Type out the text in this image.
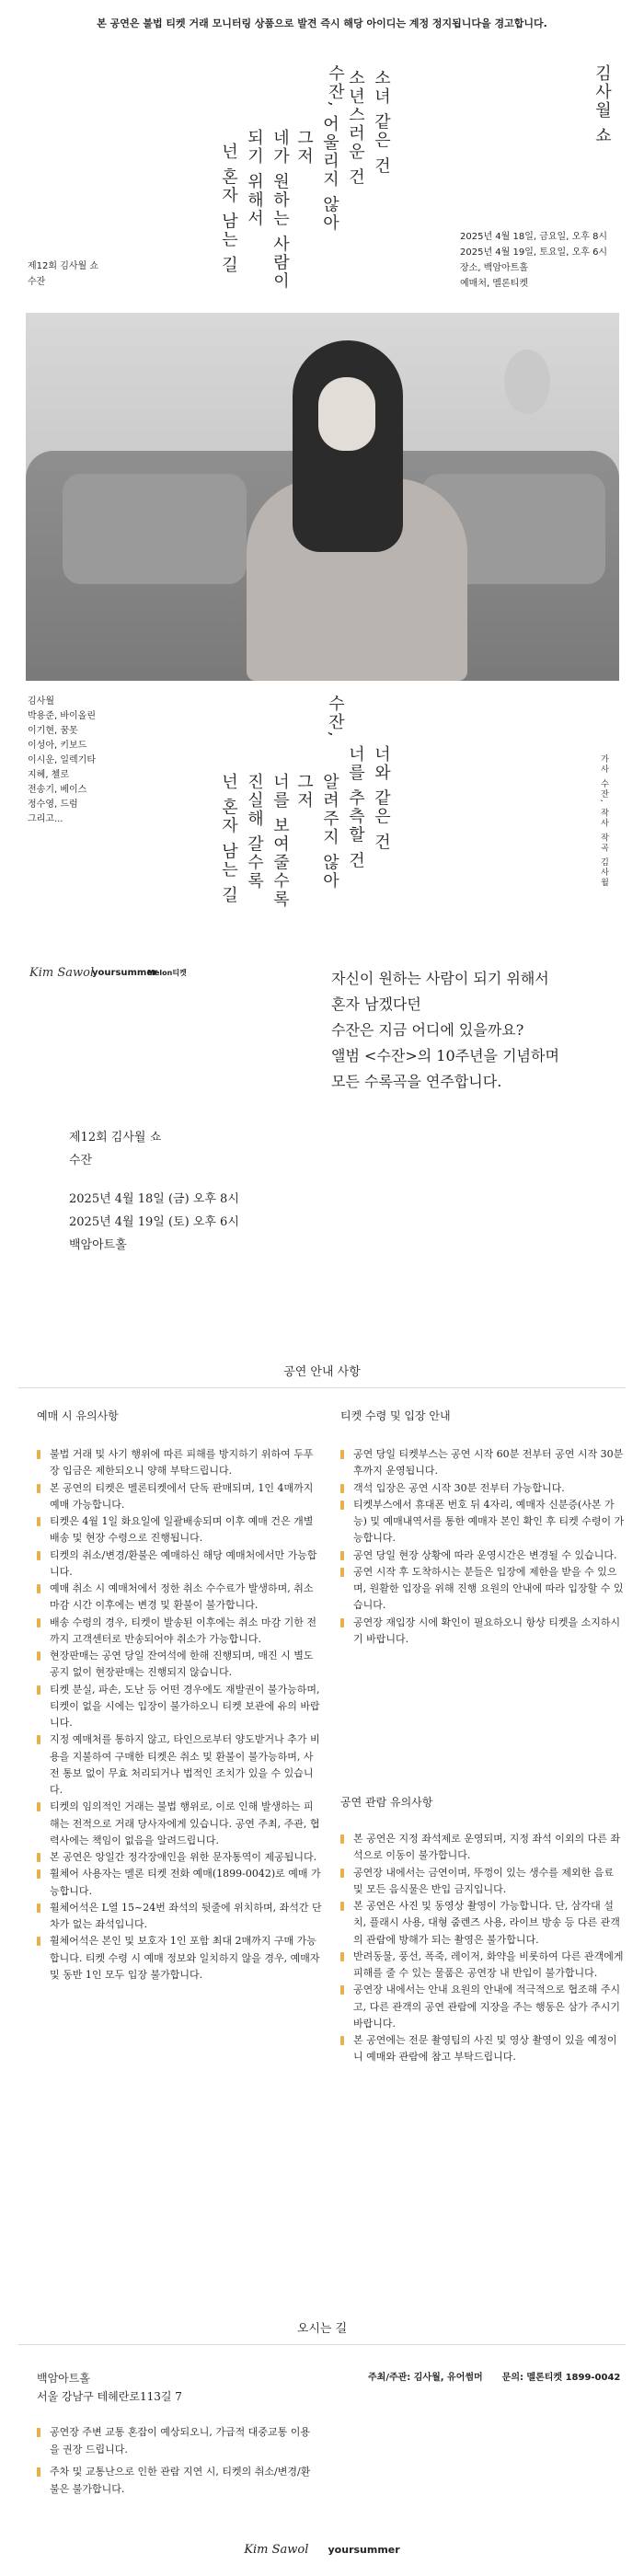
본 공연은 불법 티켓 거래 모니터링 상품으로 발견 즉시 해당 아이디는 계정 정지됩니다을 경고합니다.
김사월 쇼
수잔, 소녀 같은 건
소년스러운 건
어울리지 않아
그저
네가 원하는 사람이
되기 위해서
넌 혼자 남는 길	2025년 4월 18일, 금요일, 오후 8시
2025년 4월 19일, 토요일, 오후 6시
장소, 백암아트홀
예매처, 멜론티켓
제12회 김사월 쇼
수잔
김사월
박용준, 바이올린
이기현, 꿈못
이성아, 키보드
이시운, 일렉기타
지혜, 첼로
전송기, 베이스
정수영, 드럼
그리고...
수잔,
너와 같은 건
너를 추측할 건
알려주지 않아
그저
너를 보여줄수록
진실해 갈수록
넌 혼자 남는 길	가사 수잔, 작사 작곡 김사월
Kim Sawol
yoursummer
Melon티켓	자신이 원하는 사람이 되기 위해서
혼자 남겠다던
수잔은 지금 어디에 있을까요?
앨범 <수잔>의 10주년을 기념하며
모든 수록곡을 연주합니다.
제12회 김사월 쇼
수잔
2025년 4월 18일 (금) 오후 8시
2025년 4월 19일 (토) 오후 6시
백암아트홀
공연 안내 사항
예매 시 유의사항	티켓 수령 및 입장 안내
불법 거래 및 사기 행위에 따른 피해를 방지하기 위하여 두푸장 입금은 제한되오니 양해 부탁드립니다.
본 공연의 티켓은 멜론티켓에서 단독 판매되며, 1인 4매까지 예매 가능합니다.
티켓은 4월 1일 화요일에 일괄배송되며 이후 예매 건은 개별 배송 및 현장 수령으로 진행됩니다.
티켓의 취소/변경/환불은 예매하신 해당 예매처에서만 가능합니다.
예매 취소 시 예매처에서 정한 취소 수수료가 발생하며, 취소 마감 시간 이후에는 변경 및 환불이 불가합니다.
배송 수령의 경우, 티켓이 발송된 이후에는 취소 마감 기한 전까지 고객센터로 반송되어야 취소가 가능합니다.
현장판매는 공연 당일 잔여석에 한해 진행되며, 매진 시 별도 공지 없이 현장판매는 진행되지 않습니다.
티켓 분실, 파손, 도난 등 어떤 경우에도 재발권이 불가능하며, 티켓이 없을 시에는 입장이 불가하오니 티켓 보관에 유의 바랍니다.
지정 예매처를 통하지 않고, 타인으로부터 양도받거나 추가 비용을 지불하여 구매한 티켓은 취소 및 환불이 불가능하며, 사전 통보 없이 무효 처리되거나 법적인 조치가 있을 수 있습니다.
티켓의 임의적인 거래는 불법 행위로, 이로 인해 발생하는 피해는 전적으로 거래 당사자에게 있습니다. 공연 주최, 주관, 협력사에는 책임이 없음을 알려드립니다.
본 공연은 앙일간 정각장애인을 위한 문자통역이 제공됩니다.
휠체어 사용자는 멜론 티켓 전화 예매(1899-0042)로 예매 가능합니다.
휠체어석은 L열 15~24번 좌석의 뒷줄에 위치하며, 좌석간 단차가 없는 좌석입니다.
휠체어석은 본인 및 보호자 1인 포함 최대 2매까지 구매 가능합니다. 티켓 수령 시 예매 정보와 일치하지 않을 경우, 예매자 및 동반 1인 모두 입장 불가합니다.
공연 당일 티켓부스는 공연 시작 60분 전부터 공연 시작 30분 후까지 운영됩니다.
객석 입장은 공연 시작 30분 전부터 가능합니다.
티켓부스에서 휴대폰 번호 뒤 4자리, 예매자 신분증(사본 가능) 및 예매내역서를 통한 예매자 본인 확인 후 티켓 수령이 가능합니다.
공연 당일 현장 상황에 따라 운영시간은 변경될 수 있습니다.
공연 시작 후 도착하시는 분들은 입장에 제한을 받을 수 있으며, 원활한 입장을 위해 진행 요원의 안내에 따라 입장할 수 있습니다.
공연장 재입장 시에 확인이 필요하오니 항상 티켓을 소지하시기 바랍니다.
공연 관람 유의사항
본 공연은 지정 좌석제로 운영되며, 지정 좌석 이외의 다른 좌석으로 이동이 불가합니다.
공연장 내에서는 금연이며, 뚜껑이 있는 생수를 제외한 음료 및 모든 음식물은 반입 금지입니다.
본 공연은 사진 및 동영상 촬영이 가능합니다. 단, 삼각대 설치, 플래시 사용, 대형 줌렌즈 사용, 라이브 방송 등 다른 관객의 관람에 방해가 되는 촬영은 불가합니다.
반려동물, 풍선, 폭죽, 레이저, 화약을 비롯하여 다른 관객에게 피해를 줄 수 있는 물품은 공연장 내 반입이 불가합니다.
공연장 내에서는 안내 요원의 안내에 적극적으로 협조해 주시고, 다른 관객의 공연 관람에 지장을 주는 행동은 삼가 주시기 바랍니다.
본 공연에는 전문 촬영팀의 사진 및 영상 촬영이 있을 예정이니 예매와 관람에 참고 부탁드립니다.
오시는 길
백암아트홀
서울 강남구 테헤란로113길 7
주최/주관: 김사월, 유어썸머 문의: 멜론티켓 1899-0042
공연장 주변 교통 혼잡이 예상되오니, 가급적 대중교통 이용을 권장 드립니다.
주차 및 교통난으로 인한 관람 지연 시, 티켓의 취소/변경/환불은 불가합니다.
Kim Sawol yoursummer
